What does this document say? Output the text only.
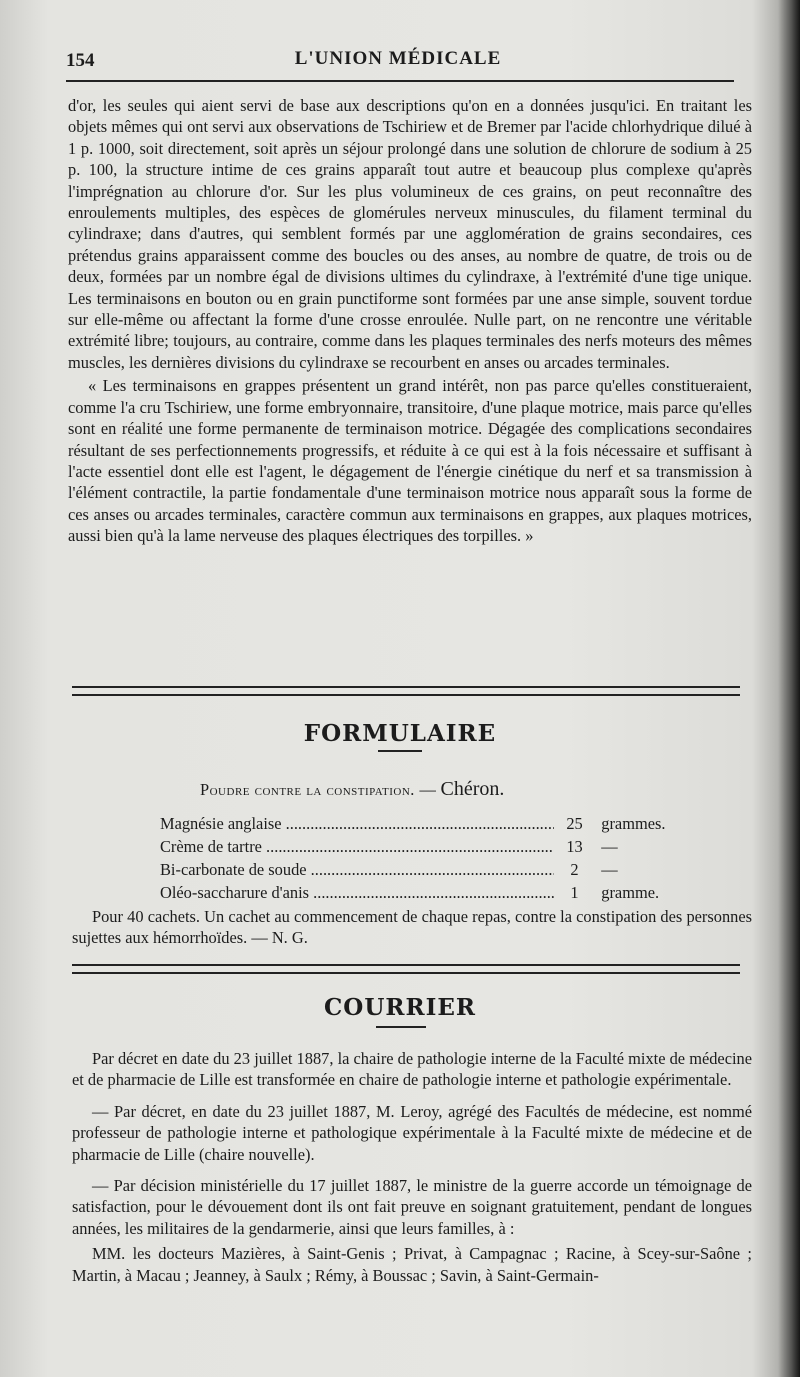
154	L'UNION MÉDICALE

d'or, les seules qui aient servi de base aux descriptions qu'on en a données jusqu'ici. En traitant les objets mêmes qui ont servi aux observations de Tschiriew et de Bremer par l'acide chlorhydrique dilué à 1 p. 1000, soit directement, soit après un séjour prolongé dans une solution de chlorure de sodium à 25 p. 100, la structure intime de ces grains apparaît tout autre et beaucoup plus complexe qu'après l'imprégnation au chlorure d'or. Sur les plus volumineux de ces grains, on peut reconnaître des enroulements multiples, des espèces de glomérules nerveux minuscules, du filament terminal du cylindraxe; dans d'autres, qui semblent formés par une agglomération de grains secondaires, ces prétendus grains apparaissent comme des boucles ou des anses, au nombre de quatre, de trois ou de deux, formées par un nombre égal de divisions ultimes du cylindraxe, à l'extrémité d'une tige unique. Les terminaisons en bouton ou en grain punctiforme sont formées par une anse simple, souvent tordue sur elle-même ou affectant la forme d'une crosse enroulée. Nulle part, on ne rencontre une véritable extrémité libre; toujours, au contraire, comme dans les plaques terminales des nerfs moteurs des mêmes muscles, les dernières divisions du cylindraxe se recourbent en anses ou arcades terminales.

« Les terminaisons en grappes présentent un grand intérêt, non pas parce qu'elles constitueraient, comme l'a cru Tschiriew, une forme embryonnaire, transitoire, d'une plaque motrice, mais parce qu'elles sont en réalité une forme permanente de terminaison motrice. Dégagée des complications secondaires résultant de ses perfectionnements progressifs, et réduite à ce qui est à la fois nécessaire et suffisant à l'acte essentiel dont elle est l'agent, le dégagement de l'énergie cinétique du nerf et sa transmission à l'élément contractile, la partie fondamentale d'une terminaison motrice nous apparaît sous la forme de ces anses ou arcades terminales, caractère commun aux terminaisons en grappes, aux plaques motrices, aussi bien qu'à la lame nerveuse des plaques électriques des torpilles. »

FORMULAIRE
Poudre contre la constipation. — Chéron.
Magnésie anglaise .....	25	grammes.
Crème de tartre .....	13	—
Bi-carbonate de soude .....	2	—
Oléo-saccharure d'anis .....	1	gramme.

Pour 40 cachets. Un cachet au commencement de chaque repas, contre la constipation des personnes sujettes aux hémorrhoïdes. — N. G.

COURRIER

Par décret en date du 23 juillet 1887, la chaire de pathologie interne de la Faculté mixte de médecine et de pharmacie de Lille est transformée en chaire de pathologie interne et pathologie expérimentale.

— Par décret, en date du 23 juillet 1887, M. Leroy, agrégé des Facultés de médecine, est nommé professeur de pathologie interne et pathologique expérimentale à la Faculté mixte de médecine et de pharmacie de Lille (chaire nouvelle).

— Par décision ministérielle du 17 juillet 1887, le ministre de la guerre accorde un témoignage de satisfaction, pour le dévouement dont ils ont fait preuve en soignant gratuitement, pendant de longues années, les militaires de la gendarmerie, ainsi que leurs familles, à :

MM. les docteurs Mazières, à Saint-Genis ; Privat, à Campagnac ; Racine, à Scey-sur-Saône ; Martin, à Macau ; Jeanney, à Saulx ; Rémy, à Boussac ; Savin, à Saint-Germain-
